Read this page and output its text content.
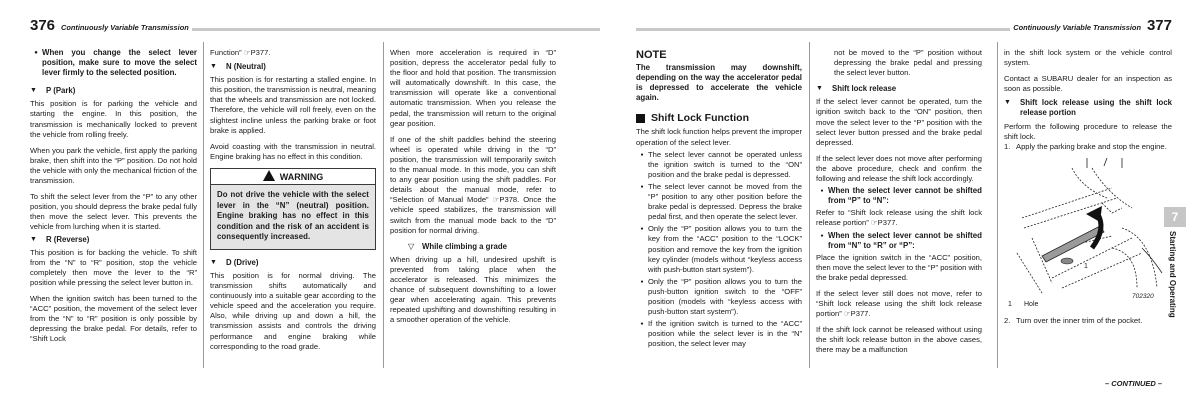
376 Continuously Variable Transmission
● When you change the select lever position, make sure to move the select lever firmly to the selected position.
▼	P (Park)

This position is for parking the vehicle and starting the engine. In this position, the transmission is mechanically locked to prevent the vehicle from rolling freely.

When you park the vehicle, first apply the parking brake, then shift into the “P” position. Do not hold the vehicle with only the mechanical friction of the transmission.

To shift the select lever from the “P” to any other position, you should depress the brake pedal fully then move the select lever. This prevents the vehicle from lurching when it is started.

▼	R (Reverse)

This position is for backing the vehicle. To shift from the “N” to “R” position, stop the vehicle completely then move the lever to the “R” position while pressing the select lever button in.

When the ignition switch has been turned to the “ACC” position, the movement of the select lever from the “N” to “R” position is only possible by depressing the brake pedal. For details, refer to “Shift Lock

Function” ☞P377.

▼	N (Neutral)

This position is for restarting a stalled engine. In this position, the transmission is neutral, meaning that the wheels and transmission are not locked. Therefore, the vehicle will roll freely, even on the slightest incline unless the parking brake or foot brake is applied.

Avoid coasting with the transmission in neutral. Engine braking has no effect in this condition.

WARNING
Do not drive the vehicle with the select lever in the “N” (neutral) position. Engine braking has no effect in this condition and the risk of an accident is consequently increased.
▼	D (Drive)

This position is for normal driving. The transmission shifts automatically and continuously into a suitable gear according to the vehicle speed and the acceleration you require. Also, while driving up and down a hill, the transmission assists and controls the driving performance and engine braking while corresponding to the road grade.

When more acceleration is required in “D” position, depress the accelerator pedal fully to the floor and hold that position. The transmission will automatically downshift. In this case, the transmission will operate like a conventional automatic transmission. When you release the pedal, the transmission will return to the original gear position.

If one of the shift paddles behind the steering wheel is operated while driving in the “D” position, the transmission will temporarily switch to the manual mode. In this mode, you can shift to any gear position using the shift paddles. For details about the manual mode, refer to “Selection of Manual Mode” ☞P378. Once the vehicle speed stabilizes, the transmission will switch from the manual mode back to the “D” position for normal driving.

▽	While climbing a grade

When driving up a hill, undesired upshift is prevented from taking place when the accelerator is released. This minimizes the chance of subsequent downshifting to a lower gear when accelerating again. This prevents repeated upshifting and downshifting resulting in a smoother operation of the vehicle.

Continuously Variable Transmission 377
NOTE
The transmission may downshift, depending on the way the accelerator pedal is depressed to accelerate the vehicle again.
Shift Lock Function

The shift lock function helps prevent the improper operation of the select lever.

● The select lever cannot be operated unless the ignition switch is turned to the “ON” position and the brake pedal is depressed.
● The select lever cannot be moved from the “P” position to any other position before the brake pedal is depressed. Depress the brake pedal first, and then operate the select lever.
● Only the “P” position allows you to turn the key from the “ACC” position to the “LOCK” position and remove the key from the ignition key cylinder (models without “keyless access with push-button start system”).
● Only the “P” position allows you to turn the push-button ignition switch to the “OFF” position (models with “keyless access with push-button start system”).
● If the ignition switch is turned to the “ACC” position while the select lever is in the “N” position, the select lever may

not be moved to the “P” position without depressing the brake pedal and pressing the select lever button.

▼	Shift lock release

If the select lever cannot be operated, turn the ignition switch back to the “ON” position, then move the select lever to the “P” position with the select lever button pressed and the brake pedal depressed.

If the select lever does not move after performing the above procedure, check and confirm the following and release the shift lock accordingly.

● When the select lever cannot be shifted from “P” to “N”:

Refer to “Shift lock release using the shift lock release portion” ☞P377.

● When the select lever cannot be shifted from “N” to “R” or “P”:

Place the ignition switch in the “ACC” position, then move the select lever to the “P” position with the brake pedal depressed.

If the select lever still does not move, refer to “Shift lock release using the shift lock release portion” ☞P377.

If the shift lock cannot be released without using the shift lock release button in the above cases, there may be a malfunction

in the shift lock system or the vehicle control system.

Contact a SUBARU dealer for an inspection as soon as possible.

▼	Shift lock release using the shift lock release portion

Perform the following procedure to release the shift lock.

1. Apply the parking brake and stop the engine.
1
702320
1	Hole
2. Turn over the inner trim of the pocket.
7
Starting and Operating
– CONTINUED –
